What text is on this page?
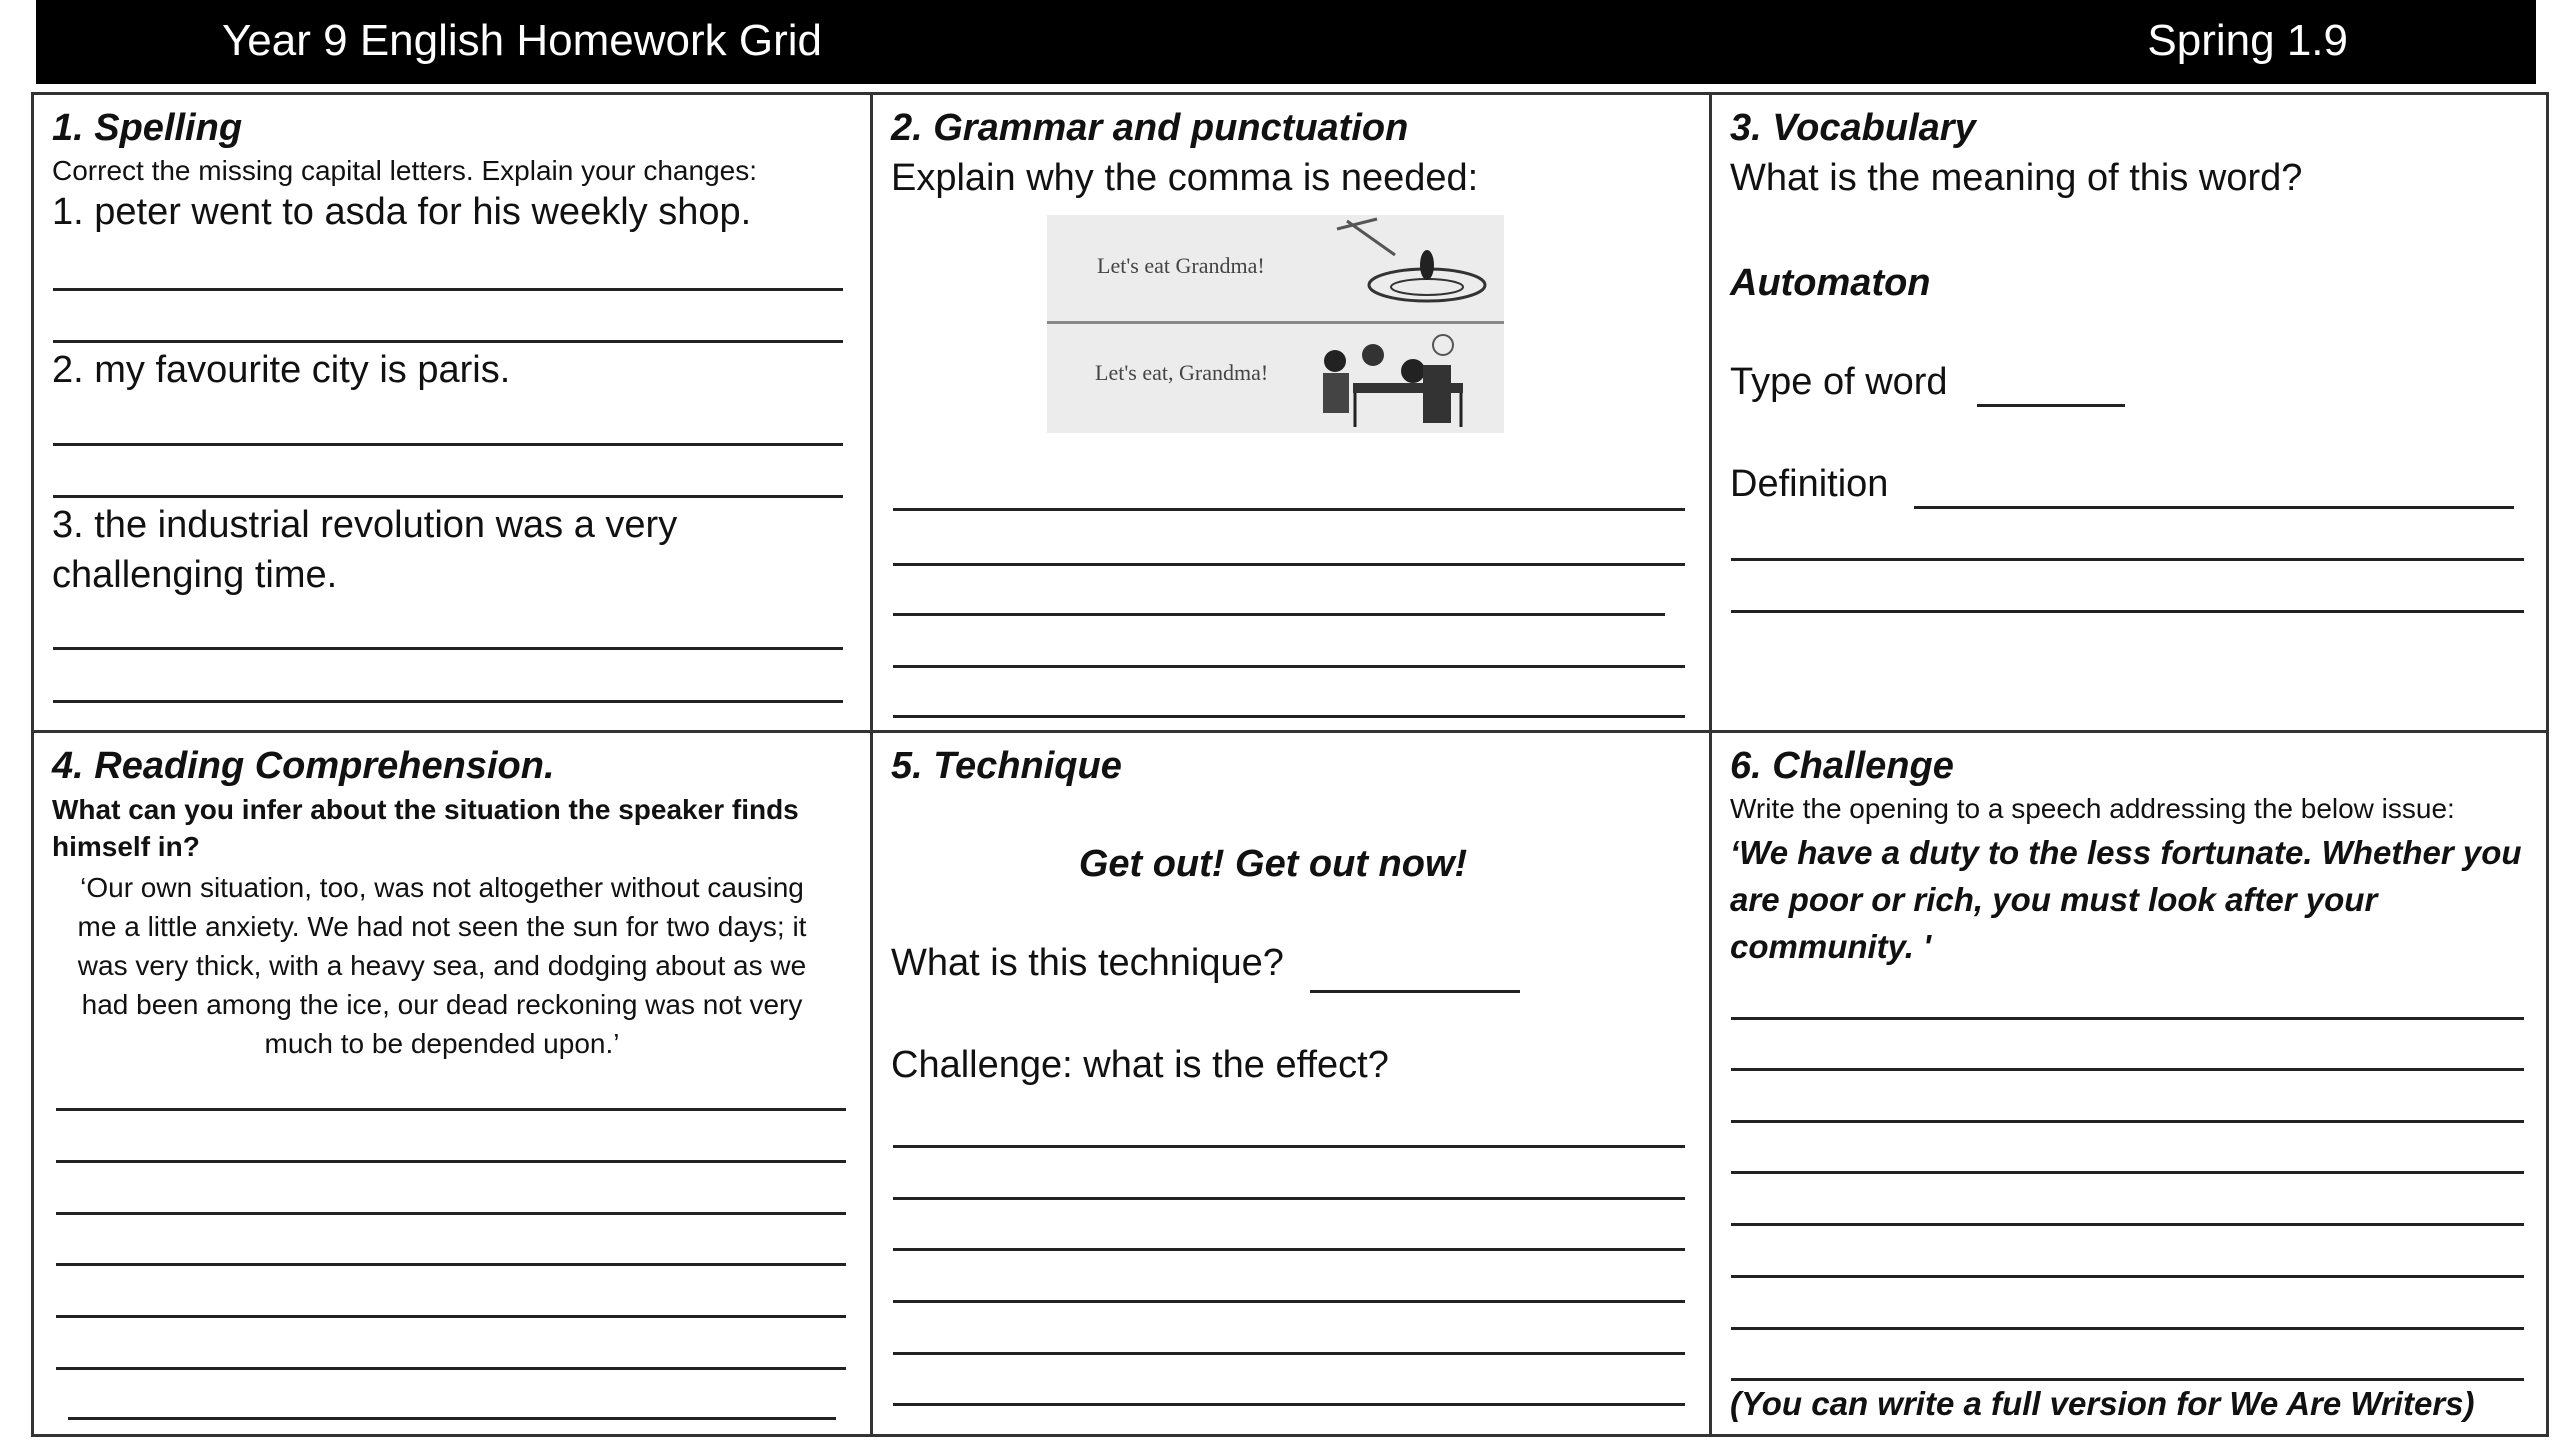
Year 9 English Homework Grid	Spring 1.9
1. Spelling
Correct the missing capital letters. Explain your changes:
1. peter went to asda for his weekly shop.
2. my favourite city is paris.
3. the industrial revolution was a very
challenging time.
2. Grammar and punctuation
Explain why the comma is needed:
Let's eat Grandma!
Let's eat, Grandma!
3. Vocabulary
What is the meaning of this word?
Automaton
Type of word
Definition
4. Reading Comprehension.
What can you infer about the situation the speaker finds
himself in?
‘Our own situation, too, was not altogether without causing
me a little anxiety. We had not seen the sun for two days; it
was very thick, with a heavy sea, and dodging about as we
had been among the ice, our dead reckoning was not very
much to be depended upon.’
5. Technique
Get out! Get out now!
What is this technique?
Challenge: what is the effect?
6. Challenge
Write the opening to a speech addressing the below issue:
‘We have a duty to the less fortunate. Whether you
are poor or rich, you must look after your
community. '
(You can write a full version for We Are Writers)
